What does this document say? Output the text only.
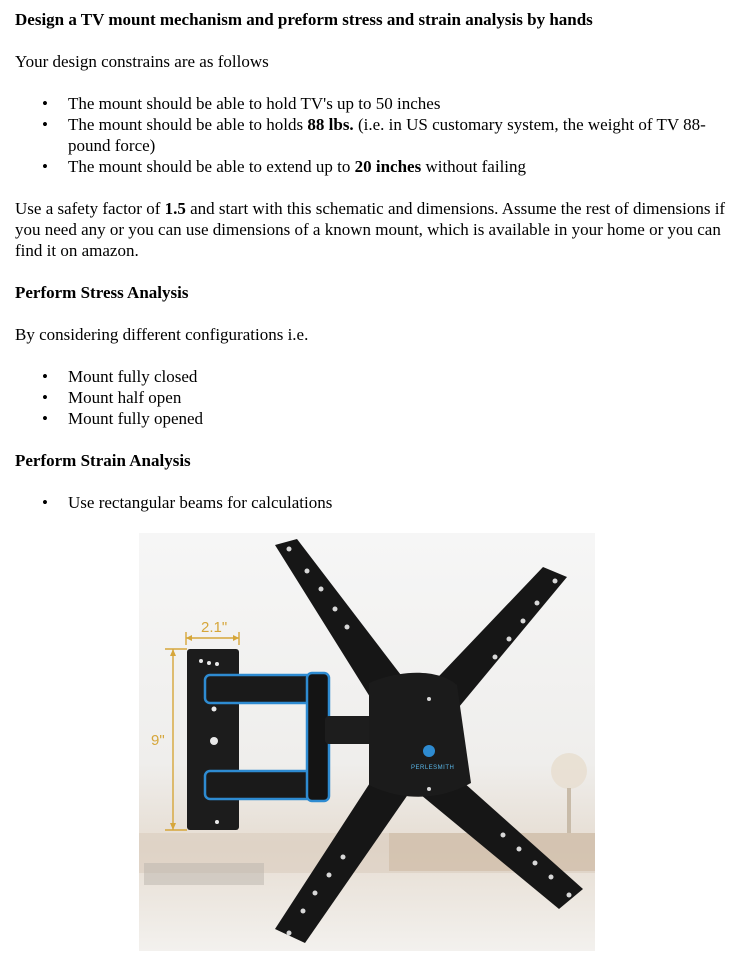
Design a TV mount mechanism and preform stress and strain analysis by hands

Your design constrains are as follows

• The mount should be able to hold TV's up to 50 inches
• The mount should be able to holds 88 lbs. (i.e. in US customary system, the weight of TV 88-pound force)
• The mount should be able to extend up to 20 inches without failing

Use a safety factor of 1.5 and start with this schematic and dimensions. Assume the rest of dimensions if you need any or you can use dimensions of a known mount, which is available in your home or you can find it on amazon.

Perform Stress Analysis

By considering different configurations i.e.

• Mount fully closed
• Mount half open
• Mount fully opened

Perform Strain Analysis

• Use rectangular beams for calculations
2.1"
9"
PERLESMITH
